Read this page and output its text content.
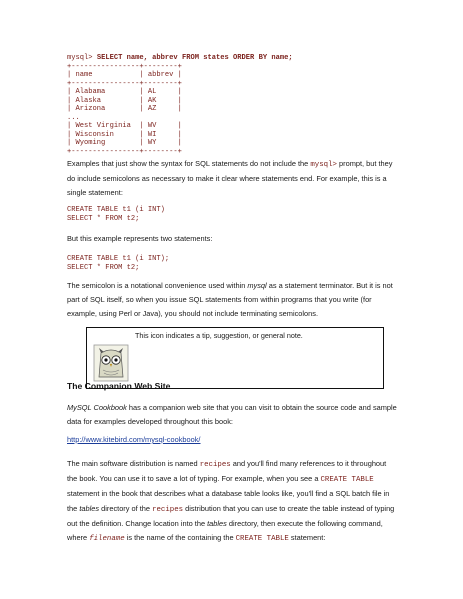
mysql> SELECT name, abbrev FROM states ORDER BY name;
+----------------+--------+
| name           | abbrev |
+----------------+--------+
| Alabama        | AL     |
| Alaska         | AK     |
| Arizona        | AZ     |
...
| West Virginia  | WV     |
| Wisconsin      | WI     |
| Wyoming        | WY     |
+----------------+--------+

Examples that just show the syntax for SQL statements do not include the mysql> prompt, but they do include semicolons as necessary to make it clear where statements end. For example, this is a single statement:

CREATE TABLE t1 (i INT)
SELECT * FROM t2;

But this example represents two statements:

CREATE TABLE t1 (i INT);
SELECT * FROM t2;

The semicolon is a notational convenience used within mysql as a statement terminator. But it is not part of SQL itself, so when you issue SQL statements from within programs that you write (for example, using Perl or Java), you should not include terminating semicolons.

This icon indicates a tip, suggestion, or general note.
The Companion Web Site

MySQL Cookbook has a companion web site that you can visit to obtain the source code and sample data for examples developed throughout this book:

http://www.kitebird.com/mysql-cookbook/

The main software distribution is named recipes and you'll find many references to it throughout the book. You can use it to save a lot of typing. For example, when you see a CREATE TABLE statement in the book that describes what a database table looks like, you'll find a SQL batch file in the tables directory of the recipes distribution that you can use to create the table instead of typing out the definition. Change location into the tables directory, then execute the following command, where filename is the name of the containing the CREATE TABLE statement:
